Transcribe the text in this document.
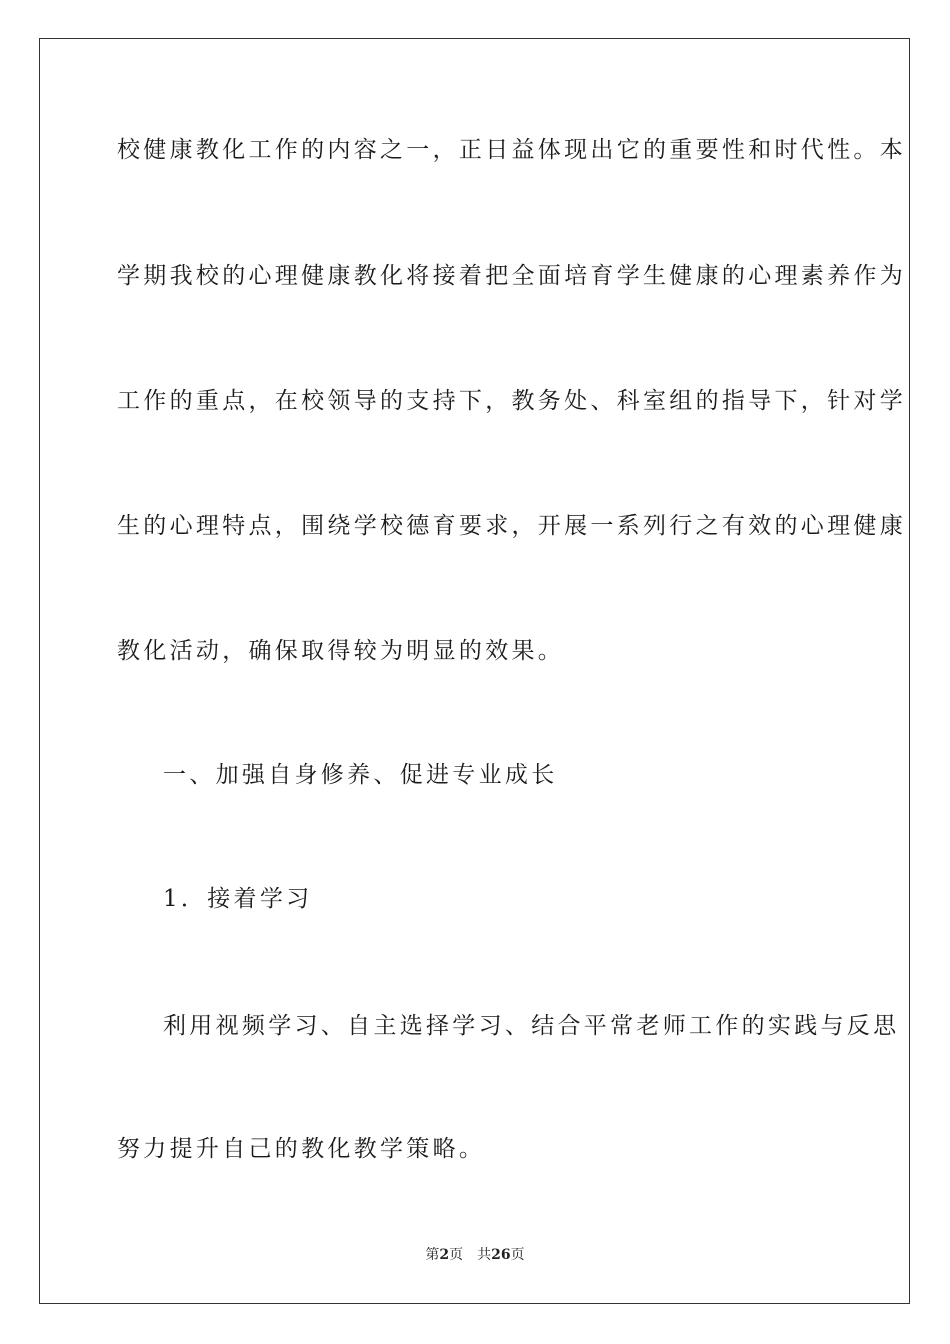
校健康教化工作的内容之一，正日益体现出它的重要性和时代性。本
学期我校的心理健康教化将接着把全面培育学生健康的心理素养作为
工作的重点，在校领导的支持下，教务处、科室组的指导下，针对学
生的心理特点，围绕学校德育要求，开展一系列行之有效的心理健康
教化活动，确保取得较为明显的效果。
一、加强自身修养、促进专业成长
1．接着学习
利用视频学习、自主选择学习、结合平常老师工作的实践与反思
努力提升自己的教化教学策略。
第2页 共26页
